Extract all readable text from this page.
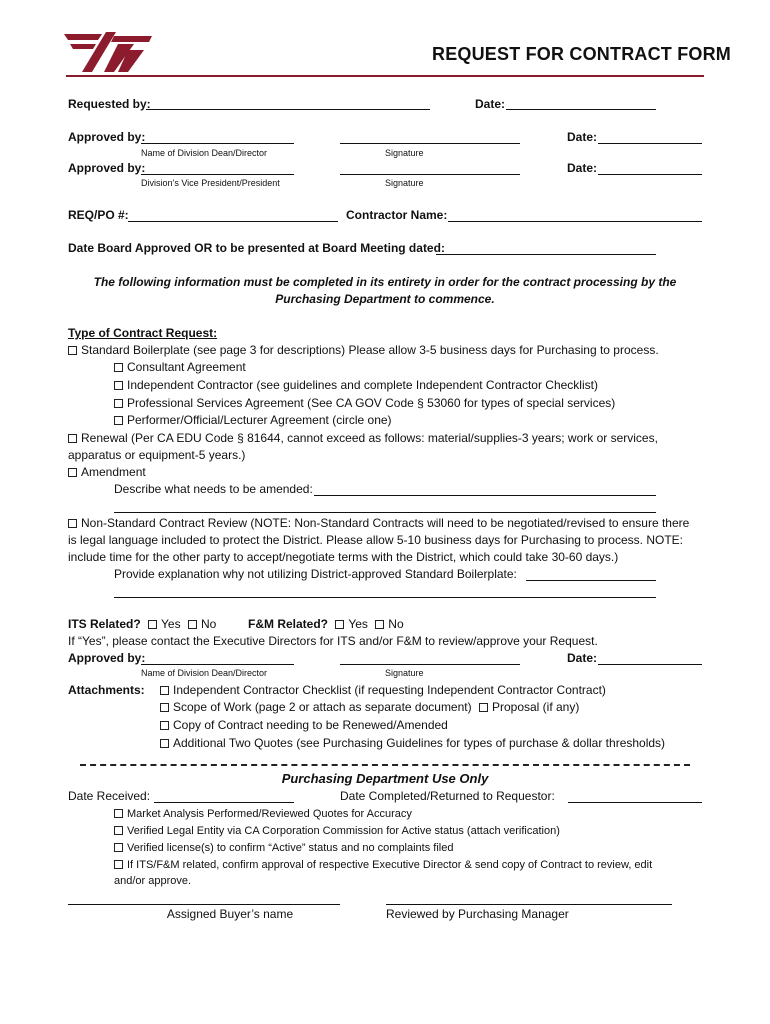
REQUEST FOR CONTRACT FORM
Requested by:	Date:
Approved by:	Date:
Name of Division Dean/Director	Signature
Approved by:	Date:
Division’s Vice President/President	Signature
REQ/PO #:	Contractor Name:
Date Board Approved OR to be presented at Board Meeting dated:
The following information must be completed in its entirety in order for the contract processing by the
Purchasing Department to commence.
Type of Contract Request:
Standard Boilerplate (see page 3 for descriptions) Please allow 3-5 business days for Purchasing to process.
Consultant Agreement
Independent Contractor (see guidelines and complete Independent Contractor Checklist)
Professional Services Agreement (See CA GOV Code § 53060 for types of special services)
Performer/Official/Lecturer Agreement (circle one)
Renewal (Per CA EDU Code § 81644, cannot exceed as follows: material/supplies-3 years; work or services,
apparatus or equipment-5 years.)
Amendment
Describe what needs to be amended:
Non-Standard Contract Review (NOTE: Non-Standard Contracts will need to be negotiated/revised to ensure there
is legal language included to protect the District. Please allow 5-10 business days for Purchasing to process. NOTE:
include time for the other party to accept/negotiate terms with the District, which could take 30-60 days.)
Provide explanation why not utilizing District-approved Standard Boilerplate:
ITS Related? Yes No	F&M Related? Yes No
If “Yes”, please contact the Executive Directors for ITS and/or F&M to review/approve your Request.
Approved by:	Date:
Name of Division Dean/Director	Signature
Attachments:	Independent Contractor Checklist (if requesting Independent Contractor Contract)
Scope of Work (page 2 or attach as separate document) Proposal (if any)
Copy of Contract needing to be Renewed/Amended
Additional Two Quotes (see Purchasing Guidelines for types of purchase & dollar thresholds)
Purchasing Department Use Only
Date Received:	Date Completed/Returned to Requestor:
Market Analysis Performed/Reviewed Quotes for Accuracy
Verified Legal Entity via CA Corporation Commission for Active status (attach verification)
Verified license(s) to confirm “Active” status and no complaints filed
If ITS/F&M related, confirm approval of respective Executive Director & send copy of Contract to review, edit
and/or approve.
Assigned Buyer’s name	Reviewed by Purchasing Manager
